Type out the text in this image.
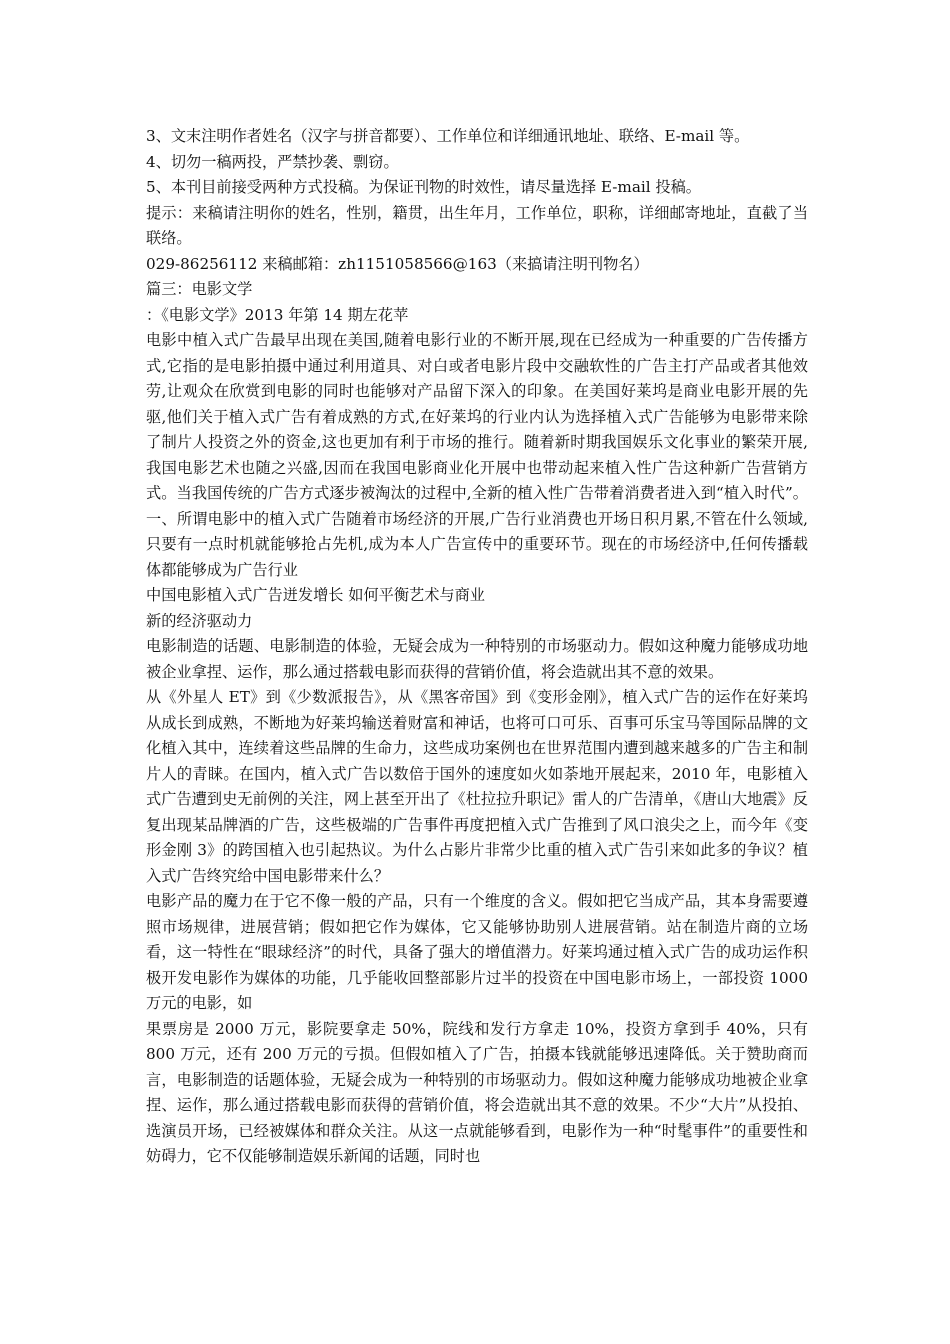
3、文末注明作者姓名（汉字与拼音都要）、工作单位和详细通讯地址、联络、E-mail 等。

4、切勿一稿两投，严禁抄袭、剽窃。

5、本刊目前接受两种方式投稿。为保证刊物的时效性，请尽量选择 E-mail 投稿。

提示：来稿请注明你的姓名，性别，籍贯，出生年月，工作单位，职称，详细邮寄地址，直截了当联络。

029-86256112 来稿邮箱：zh1151058566@163（来搞请注明刊物名）

篇三：电影文学

：《电影文学》2013 年第 14 期左花苹

电影中植入式广告最早出现在美国,随着电影行业的不断开展,现在已经成为一种重要的广告传播方式,它指的是电影拍摄中通过利用道具、对白或者电影片段中交融软性的广告主打产品或者其他效劳,让观众在欣赏到电影的同时也能够对产品留下深入的印象。在美国好莱坞是商业电影开展的先驱,他们关于植入式广告有着成熟的方式,在好莱坞的行业内认为选择植入式广告能够为电影带来除了制片人投资之外的资金,这也更加有利于市场的推行。随着新时期我国娱乐文化事业的繁荣开展,我国电影艺术也随之兴盛,因而在我国电影商业化开展中也带动起来植入性广告这种新广告营销方式。当我国传统的广告方式逐步被淘汰的过程中,全新的植入性广告带着消费者进入到“植入时代”。一、所谓电影中的植入式广告随着市场经济的开展,广告行业消费也开场日积月累,不管在什么领域,只要有一点时机就能够抢占先机,成为本人广告宣传中的重要环节。现在的市场经济中,任何传播载体都能够成为广告行业

中国电影植入式广告迸发增长 如何平衡艺术与商业

新的经济驱动力

电影制造的话题、电影制造的体验，无疑会成为一种特别的市场驱动力。假如这种魔力能够成功地被企业拿捏、运作，那么通过搭载电影而获得的营销价值，将会造就出其不意的效果。

从《外星人 ET》到《少数派报告》，从《黑客帝国》到《变形金刚》，植入式广告的运作在好莱坞从成长到成熟，不断地为好莱坞输送着财富和神话，也将可口可乐、百事可乐宝马等国际品牌的文化植入其中，连续着这些品牌的生命力，这些成功案例也在世界范围内遭到越来越多的广告主和制片人的青睐。在国内，植入式广告以数倍于国外的速度如火如荼地开展起来，2010 年，电影植入式广告遭到史无前例的关注，网上甚至开出了《杜拉拉升职记》雷人的广告清单，《唐山大地震》反复出现某品牌酒的广告，这些极端的广告事件再度把植入式广告推到了风口浪尖之上，而今年《变形金刚 3》的跨国植入也引起热议。为什么占影片非常少比重的植入式广告引来如此多的争议？植入式广告终究给中国电影带来什么？

电影产品的魔力在于它不像一般的产品，只有一个维度的含义。假如把它当成产品，其本身需要遵照市场规律，进展营销；假如把它作为媒体，它又能够协助别人进展营销。站在制造片商的立场看，这一特性在“眼球经济”的时代，具备了强大的增值潜力。好莱坞通过植入式广告的成功运作积极开发电影作为媒体的功能，几乎能收回整部影片过半的投资在中国电影市场上，一部投资 1000 万元的电影，如

果票房是 2000 万元，影院要拿走 50%，院线和发行方拿走 10%，投资方拿到手 40%，只有 800 万元，还有 200 万元的亏损。但假如植入了广告，拍摄本钱就能够迅速降低。关于赞助商而言，电影制造的话题体验，无疑会成为一种特别的市场驱动力。假如这种魔力能够成功地被企业拿捏、运作，那么通过搭载电影而获得的营销价值，将会造就出其不意的效果。不少“大片”从投拍、选演员开场，已经被媒体和群众关注。从这一点就能够看到，电影作为一种“时髦事件”的重要性和妨碍力，它不仅能够制造娱乐新闻的话题，同时也
